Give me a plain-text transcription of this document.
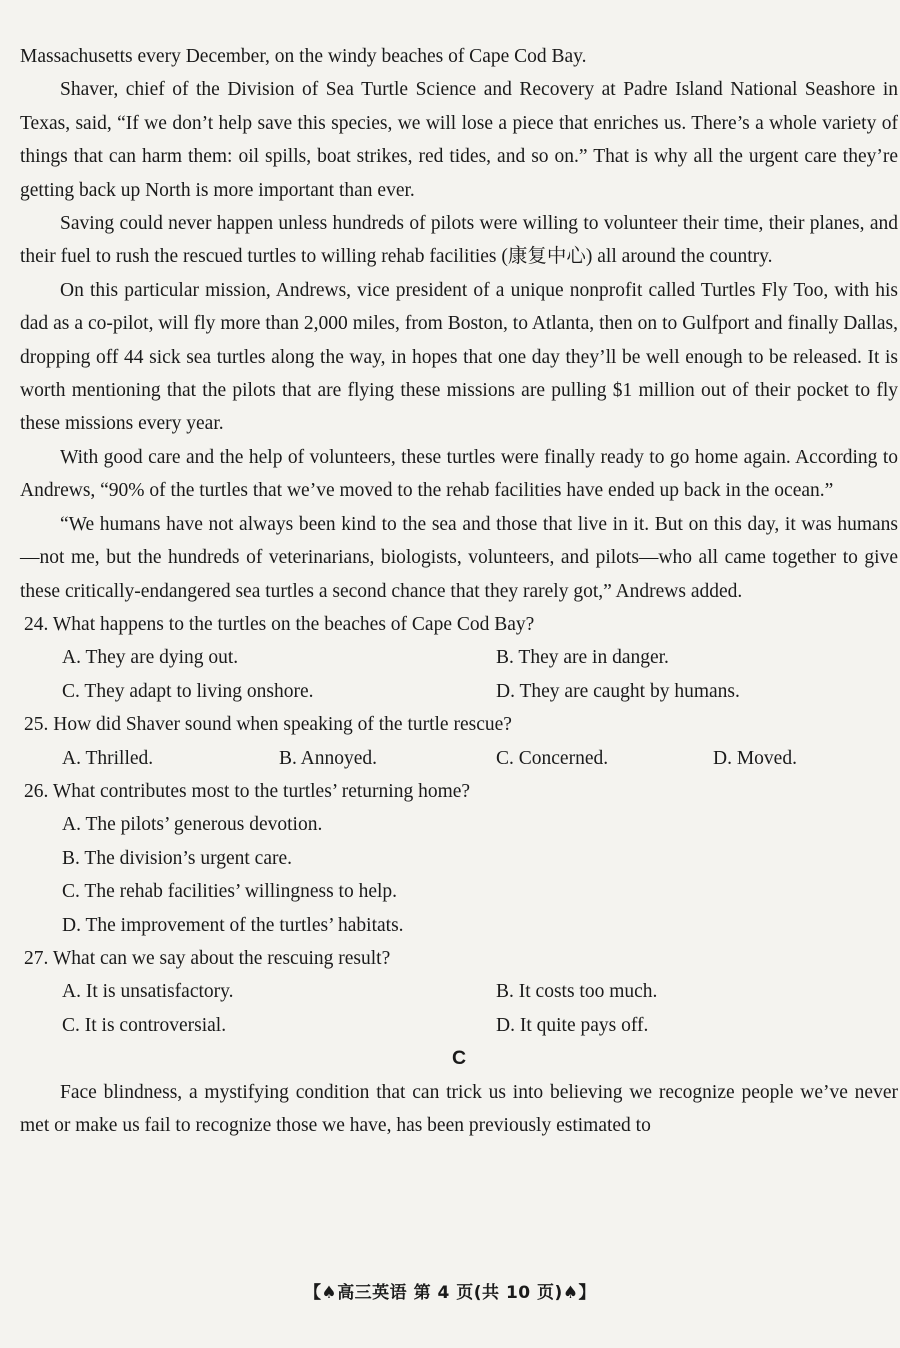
Massachusetts every December, on the windy beaches of Cape Cod Bay.

Shaver, chief of the Division of Sea Turtle Science and Recovery at Padre Island National Seashore in Texas, said, “If we don’t help save this species, we will lose a piece that enriches us. There’s a whole variety of things that can harm them: oil spills, boat strikes, red tides, and so on.” That is why all the urgent care they’re getting back up North is more important than ever.

Saving could never happen unless hundreds of pilots were willing to volunteer their time, their planes, and their fuel to rush the rescued turtles to willing rehab facilities (康复中心) all around the country.

On this particular mission, Andrews, vice president of a unique nonprofit called Turtles Fly Too, with his dad as a co-pilot, will fly more than 2,000 miles, from Boston, to Atlanta, then on to Gulfport and finally Dallas, dropping off 44 sick sea turtles along the way, in hopes that one day they’ll be well enough to be released. It is worth mentioning that the pilots that are flying these missions are pulling $1 million out of their pocket to fly these missions every year.

With good care and the help of volunteers, these turtles were finally ready to go home again. According to Andrews, “90% of the turtles that we’ve moved to the rehab facilities have ended up back in the ocean.”

“We humans have not always been kind to the sea and those that live in it. But on this day, it was humans—not me, but the hundreds of veterinarians, biologists, volunteers, and pilots—who all came together to give these critically-endangered sea turtles a second chance that they rarely got,” Andrews added.

24. What happens to the turtles on the beaches of Cape Cod Bay?

A. They are dying out.	B. They are in danger.
C. They adapt to living onshore.	D. They are caught by humans.

25. How did Shaver sound when speaking of the turtle rescue?

A. Thrilled.	B. Annoyed.	C. Concerned.	D. Moved.

26. What contributes most to the turtles’ returning home?

A. The pilots’ generous devotion.

B. The division’s urgent care.

C. The rehab facilities’ willingness to help.

D. The improvement of the turtles’ habitats.

27. What can we say about the rescuing result?

A. It is unsatisfactory.	B. It costs too much.
C. It is controversial.	D. It quite pays off.

C

Face blindness, a mystifying condition that can trick us into believing we recognize people we’ve never met or make us fail to recognize those we have, has been previously estimated to

【♠高三英语 第 4 页(共 10 页)♠】
